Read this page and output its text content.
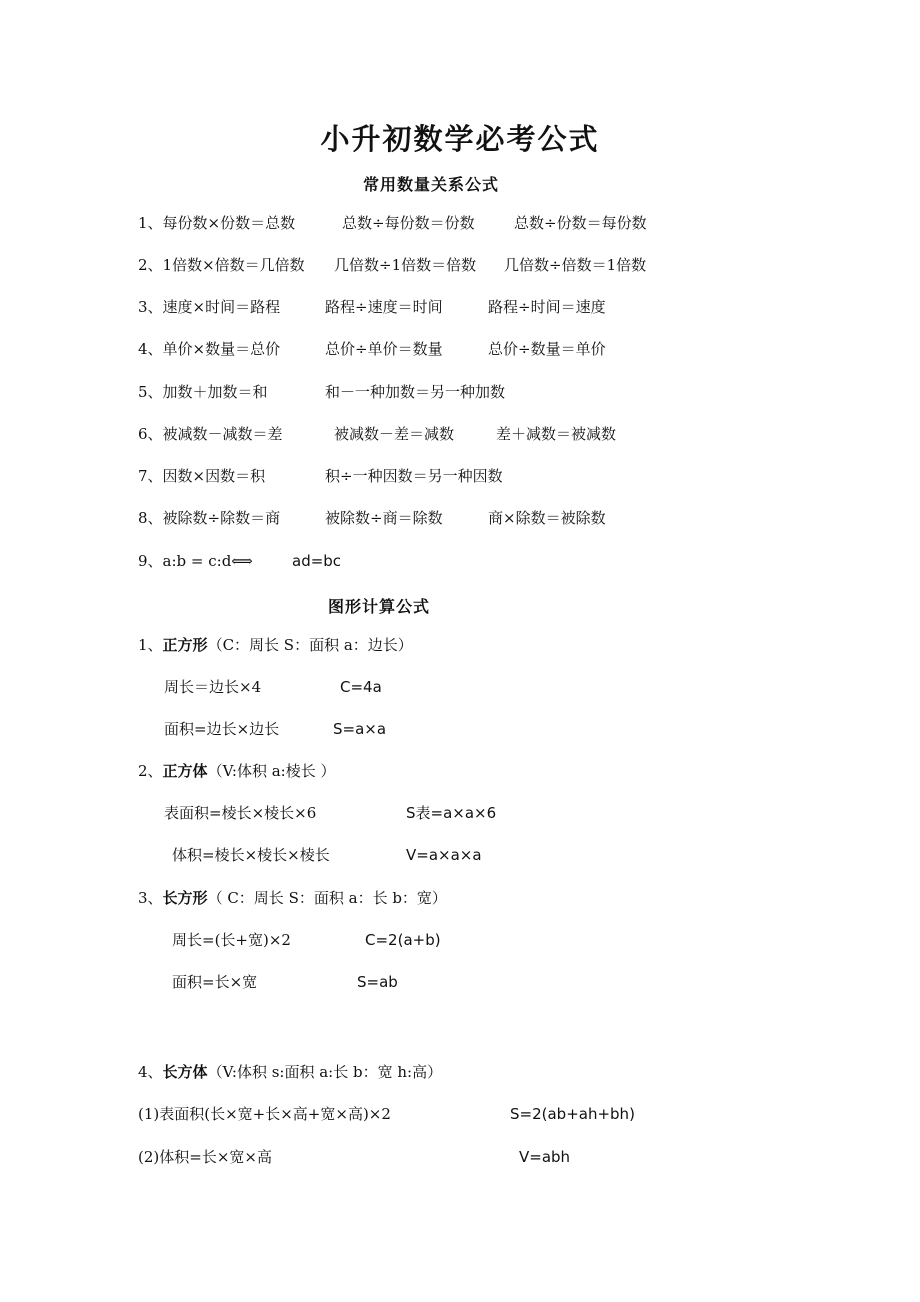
小升初数学必考公式
常用数量关系公式
1、每份数×份数＝总数	总数÷每份数＝份数	总数÷份数＝每份数
2、1倍数×倍数＝几倍数 几倍数÷1倍数＝倍数 几倍数÷倍数＝1倍数
3、速度×时间＝路程	路程÷速度＝时间	路程÷时间＝速度
4、单价×数量＝总价	总价÷单价＝数量	总价÷数量＝单价
5、加数＋加数＝和	和－一种加数＝另一种加数
6、被减数－减数＝差	被减数－差＝减数	差＋减数＝被减数
7、因数×因数＝积	积÷一种因数＝另一种因数
8、被除数÷除数＝商	被除数÷商＝除数	商×除数＝被除数
9、a:b = c:d⟺	ad=bc
图形计算公式
1、正方形（C：周长 S：面积 a：边长）
周长＝边长×4	C=4a
面积=边长×边长	S=a×a
2、正方体（V:体积 a:棱长 ）
表面积=棱长×棱长×6	S表=a×a×6
体积=棱长×棱长×棱长	V=a×a×a
3、长方形（ C：周长 S：面积 a：长 b：宽）
周长=(长+宽)×2	C=2(a+b)
面积=长×宽	S=ab
4、长方体（V:体积 s:面积 a:长 b：宽 h:高）
(1)表面积(长×宽+长×高+宽×高)×2	S=2(ab+ah+bh)
(2)体积=长×宽×高	V=abh
